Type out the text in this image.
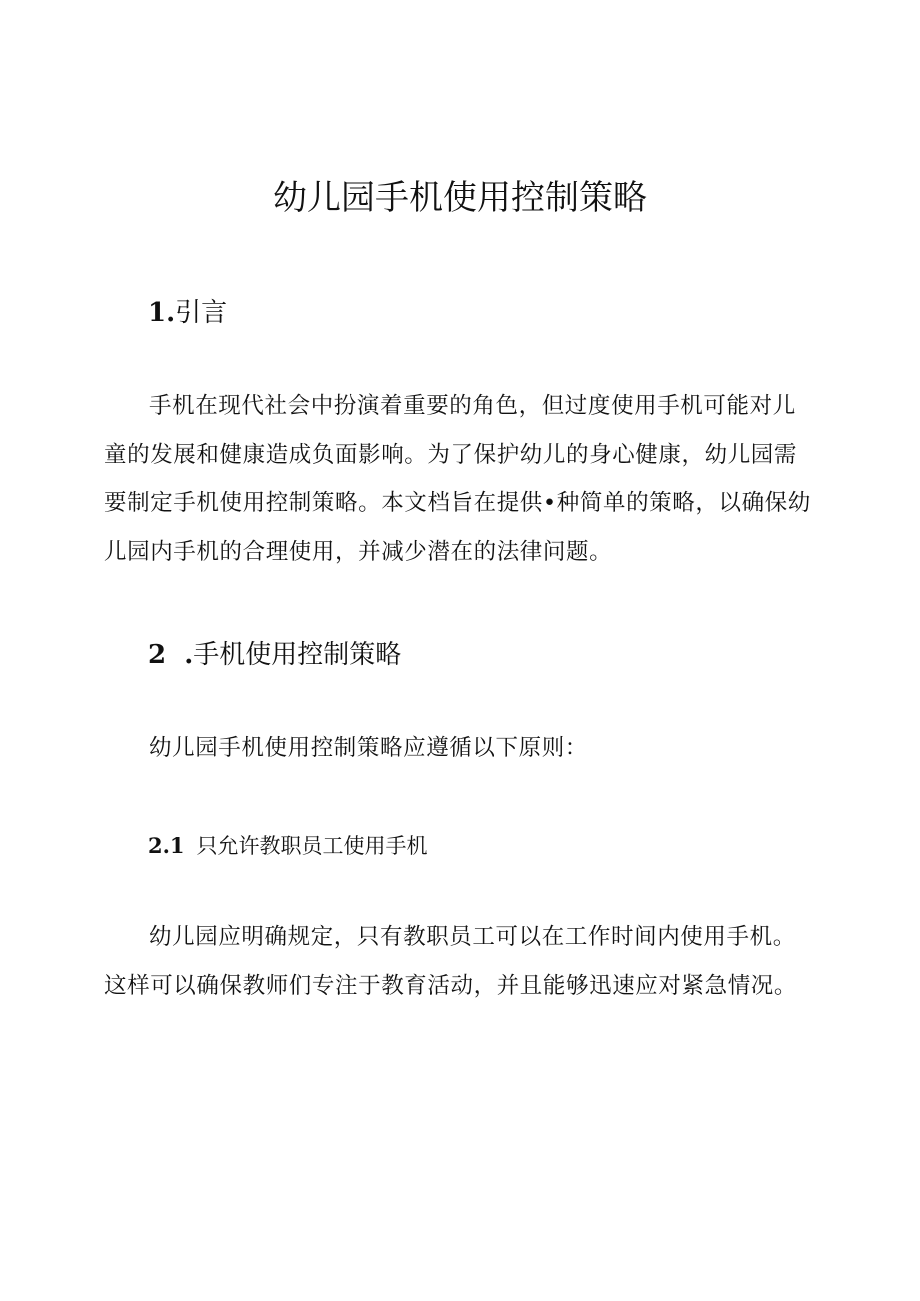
幼儿园手机使用控制策略
1.引言

手机在现代社会中扮演着重要的角色，但过度使用手机可能对儿童的发展和健康造成负面影响。为了保护幼儿的身心健康，幼儿园需要制定手机使用控制策略。本文档旨在提供•种简单的策略，以确保幼儿园内手机的合理使用，并减少潜在的法律问题。

2  .手机使用控制策略

幼儿园手机使用控制策略应遵循以下原则：

2.1 只允许教职员工使用手机

幼儿园应明确规定，只有教职员工可以在工作时间内使用手机。

这样可以确保教师们专注于教育活动，并且能够迅速应对紧急情况。
